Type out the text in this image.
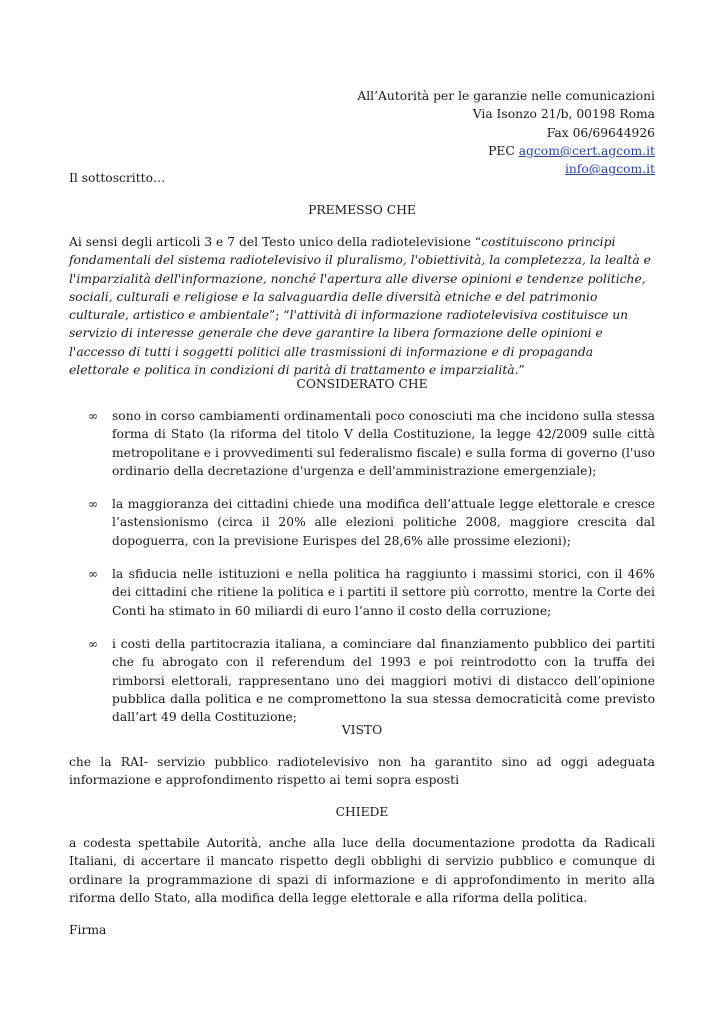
All’Autorità per le garanzie nelle comunicazioni
Via Isonzo 21/b, 00198 Roma
Fax 06/69644926
PEC agcom@cert.agcom.it
info@agcom.it
Il sottoscritto…
PREMESSO CHE
Ai sensi degli articoli 3 e 7 del Testo unico della radiotelevisione “costituiscono principi fondamentali del sistema radiotelevisivo il pluralismo, l'obiettività, la completezza, la lealtà e l'imparzialità dell'informazione, nonché l'apertura alle diverse opinioni e tendenze politiche, sociali, culturali e religiose e la salvaguardia delle diversità etniche e del patrimonio culturale, artistico e ambientale”; “l'attività di informazione radiotelevisiva costituisce un servizio di interesse generale che deve garantire la libera formazione delle opinioni e l'accesso di tutti i soggetti politici alle trasmissioni di informazione e di propaganda elettorale e politica in condizioni di parità di trattamento e imparzialità.”
CONSIDERATO CHE
∞ sono in corso cambiamenti ordinamentali poco conosciuti ma che incidono sulla stessa forma di Stato (la riforma del titolo V della Costituzione, la legge 42/2009 sulle città metropolitane e i provvedimenti sul federalismo fiscale) e sulla forma di governo (l'uso ordinario della decretazione d'urgenza e dell'amministrazione emergenziale);
∞ la maggioranza dei cittadini chiede una modifica dell’attuale legge elettorale e cresce l’astensionismo (circa il 20% alle elezioni politiche 2008, maggiore crescita dal dopoguerra, con la previsione Eurispes del 28,6% alle prossime elezioni);
∞ la sfiducia nelle istituzioni e nella politica ha raggiunto i massimi storici, con il 46% dei cittadini che ritiene la politica e i partiti il settore più corrotto, mentre la Corte dei Conti ha stimato in 60 miliardi di euro l’anno il costo della corruzione;
∞ i costi della partitocrazia italiana, a cominciare dal finanziamento pubblico dei partiti che fu abrogato con il referendum del 1993 e poi reintrodotto con la truffa dei rimborsi elettorali, rappresentano uno dei maggiori motivi di distacco dell’opinione pubblica dalla politica e ne compromettono la sua stessa democraticità come previsto dall’art 49 della Costituzione;
VISTO
che la RAI- servizio pubblico radiotelevisivo non ha garantito sino ad oggi adeguata informazione e approfondimento rispetto ai temi sopra esposti
CHIEDE
a codesta spettabile Autorità, anche alla luce della documentazione prodotta da Radicali Italiani, di accertare il mancato rispetto degli obblighi di servizio pubblico e comunque di ordinare la programmazione di spazi di informazione e di approfondimento in merito alla riforma dello Stato, alla modifica della legge elettorale e alla riforma della politica.
Firma
